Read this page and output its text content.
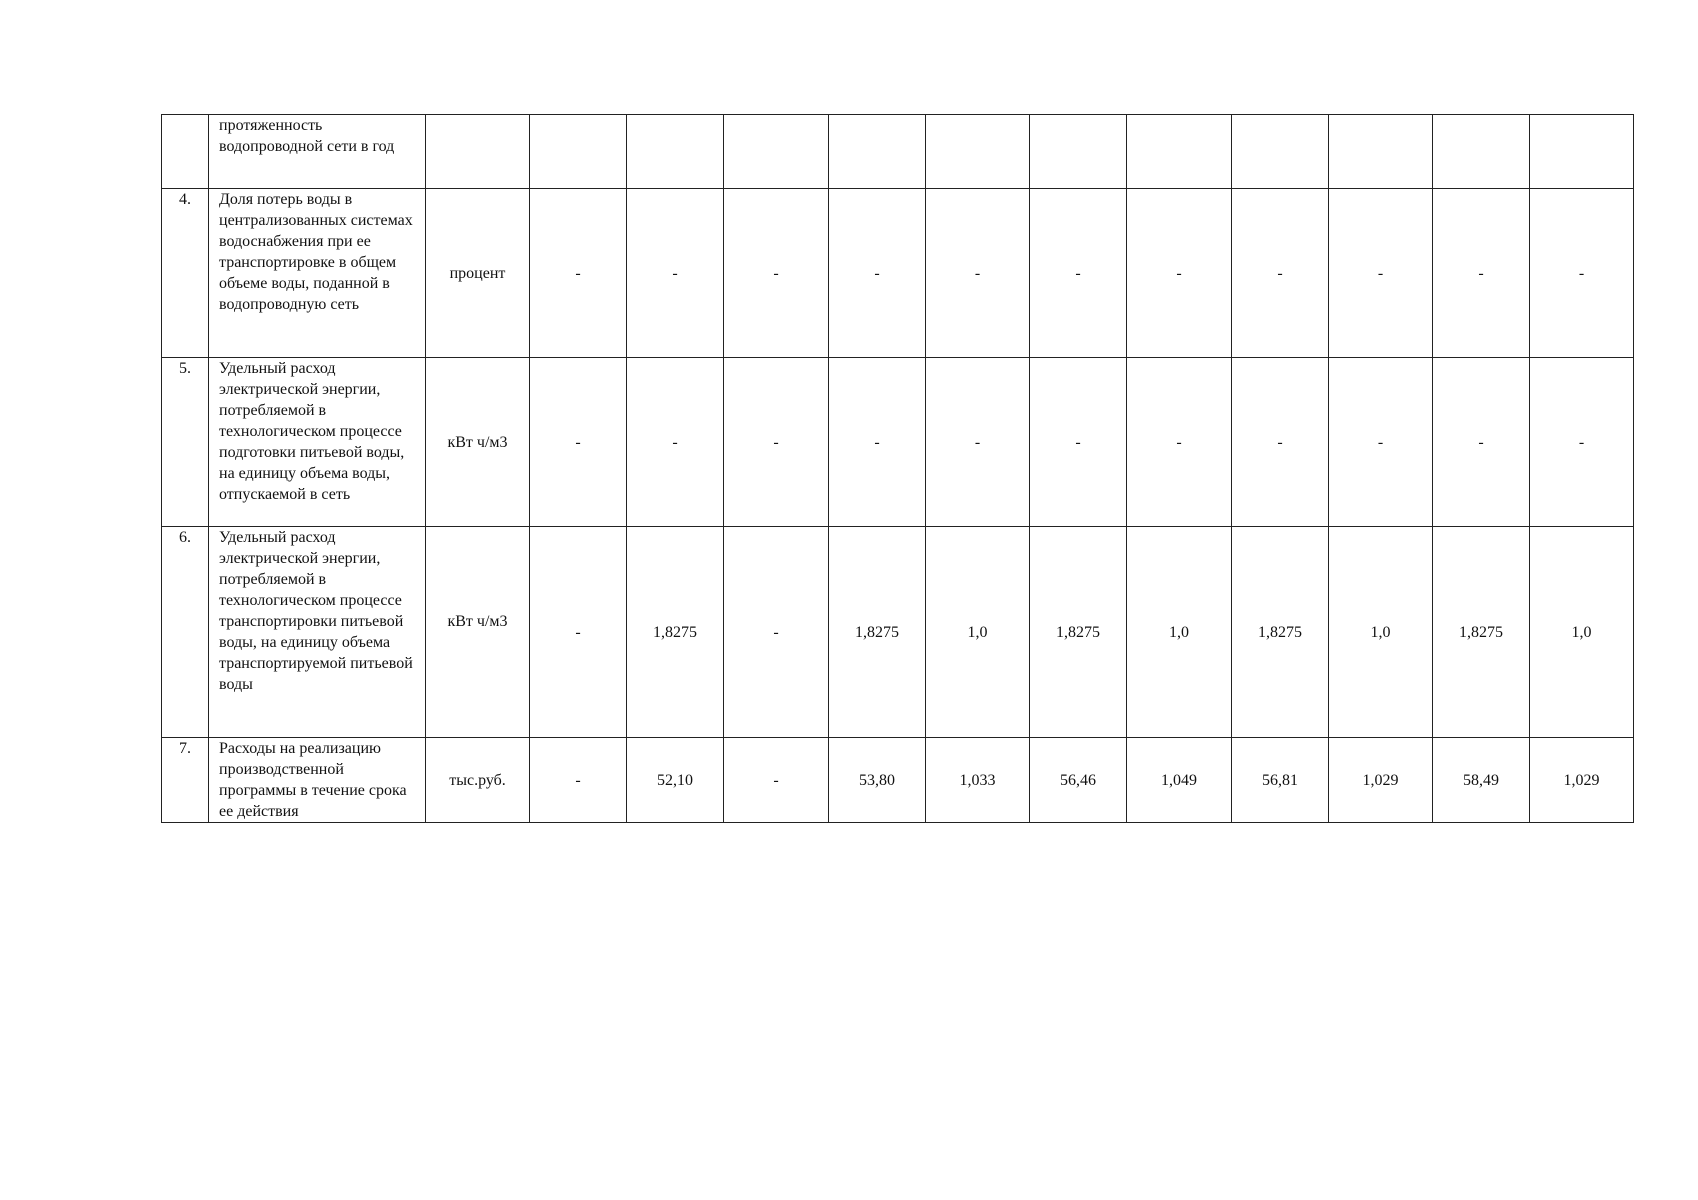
	протяженность водопроводной сети в год												
4.	Доля потерь воды в централизованных системах водоснабжения при ее транспортировке в общем объеме воды, поданной в водопроводную сеть	процент	-	-	-	-	-	-	-	-	-	-	-
5.	Удельный расход электрической энергии, потребляемой в технологическом процессе подготовки питьевой воды, на единицу объема воды, отпускаемой в сеть	кВт ч/м3	-	-	-	-	-	-	-	-	-	-	-
6.	Удельный расход электрической энергии, потребляемой в технологическом процессе транспортировки питьевой воды, на единицу объема транспортируемой питьевой воды	кВт ч/м3	-	1,8275	-	1,8275	1,0	1,8275	1,0	1,8275	1,0	1,8275	1,0
7.	Расходы на реализацию производственной программы в течение срока ее действия	тыс.руб.	-	52,10	-	53,80	1,033	56,46	1,049	56,81	1,029	58,49	1,029
